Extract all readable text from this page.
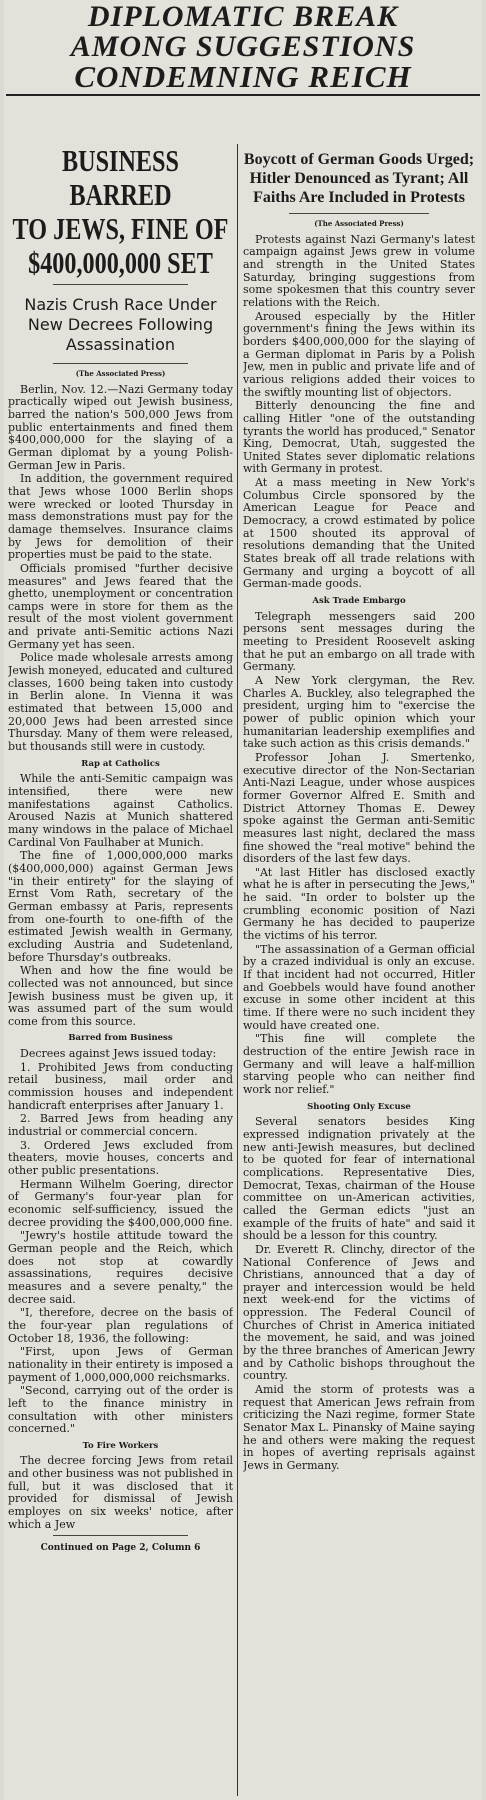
DIPLOMATIC BREAK
AMONG SUGGESTIONS
CONDEMNING REICH
BUSINESS BARRED
TO JEWS, FINE OF
$400,000,000 SET
Nazis Crush Race Under New Decrees Following Assassination
(The Associated Press)

Berlin, Nov. 12.—Nazi Germany today practically wiped out Jewish business, barred the nation's 500,000 Jews from public entertainments and fined them $400,000,000 for the slaying of a German diplomat by a young Polish-German Jew in Paris.

In addition, the government required that Jews whose 1000 Berlin shops were wrecked or looted Thursday in mass demonstrations must pay for the damage themselves. Insurance claims by Jews for demolition of their properties must be paid to the state.

Officials promised "further decisive measures" and Jews feared that the ghetto, unemployment or concentration camps were in store for them as the result of the most violent government and private anti-Semitic actions Nazi Germany yet has seen.

Police made wholesale arrests among Jewish moneyed, educated and cultured classes, 1600 being taken into custody in Berlin alone. In Vienna it was estimated that between 15,000 and 20,000 Jews had been arrested since Thursday. Many of them were released, but thousands still were in custody.

Rap at Catholics

While the anti-Semitic campaign was intensified, there were new manifestations against Catholics. Aroused Nazis at Munich shattered many windows in the palace of Michael Cardinal Von Faulhaber at Munich.

The fine of 1,000,000,000 marks ($400,000,000) against German Jews "in their entirety" for the slaying of Ernst Vom Rath, secretary of the German embassy at Paris, represents from one-fourth to one-fifth of the estimated Jewish wealth in Germany, excluding Austria and Sudetenland, before Thursday's outbreaks.

When and how the fine would be collected was not announced, but since Jewish business must be given up, it was assumed part of the sum would come from this source.

Barred from Business

Decrees against Jews issued today:

1. Prohibited Jews from conducting retail business, mail order and commission houses and independent handicraft enterprises after January 1.

2. Barred Jews from heading any industrial or commercial concern.

3. Ordered Jews excluded from theaters, movie houses, concerts and other public presentations.

Hermann Wilhelm Goering, director of Germany's four-year plan for economic self-sufficiency, issued the decree providing the $400,000,000 fine.

"Jewry's hostile attitude toward the German people and the Reich, which does not stop at cowardly assassinations, requires decisive measures and a severe penalty," the decree said.

"I, therefore, decree on the basis of the four-year plan regulations of October 18, 1936, the following:

"First, upon Jews of German nationality in their entirety is imposed a payment of 1,000,000,000 reichsmarks.

"Second, carrying out of the order is left to the finance ministry in consultation with other ministers concerned."

To Fire Workers

The decree forcing Jews from retail and other business was not published in full, but it was disclosed that it provided for dismissal of Jewish employes on six weeks' notice, after which a Jew

Continued on Page 2, Column 6
Boycott of German Goods Urged; Hitler Denounced as Tyrant; All Faiths Are Included in Protests
(The Associated Press)

Protests against Nazi Germany's latest campaign against Jews grew in volume and strength in the United States Saturday, bringing suggestions from some spokesmen that this country sever relations with the Reich.

Aroused especially by the Hitler government's fining the Jews within its borders $400,000,000 for the slaying of a German diplomat in Paris by a Polish Jew, men in public and private life and of various religions added their voices to the swiftly mounting list of objectors.

Bitterly denouncing the fine and calling Hitler "one of the outstanding tyrants the world has produced," Senator King, Democrat, Utah, suggested the United States sever diplomatic relations with Germany in protest.

At a mass meeting in New York's Columbus Circle sponsored by the American League for Peace and Democracy, a crowd estimated by police at 1500 shouted its approval of resolutions demanding that the United States break off all trade relations with Germany and urging a boycott of all German-made goods.

Ask Trade Embargo

Telegraph messengers said 200 persons sent messages during the meeting to President Roosevelt asking that he put an embargo on all trade with Germany.

A New York clergyman, the Rev. Charles A. Buckley, also telegraphed the president, urging him to "exercise the power of public opinion which your humanitarian leadership exemplifies and take such action as this crisis demands."

Professor Johan J. Smertenko, executive director of the Non-Sectarian Anti-Nazi League, under whose auspices former Governor Alfred E. Smith and District Attorney Thomas E. Dewey spoke against the German anti-Semitic measures last night, declared the mass fine showed the "real motive" behind the disorders of the last few days.

"At last Hitler has disclosed exactly what he is after in persecuting the Jews," he said. "In order to bolster up the crumbling economic position of Nazi Germany he has decided to pauperize the victims of his terror.

"The assassination of a German official by a crazed individual is only an excuse. If that incident had not occurred, Hitler and Goebbels would have found another excuse in some other incident at this time. If there were no such incident they would have created one.

"This fine will complete the destruction of the entire Jewish race in Germany and will leave a half-million starving people who can neither find work nor relief."

Shooting Only Excuse

Several senators besides King expressed indignation privately at the new anti-Jewish measures, but declined to be quoted for fear of international complications. Representative Dies, Democrat, Texas, chairman of the House committee on un-American activities, called the German edicts "just an example of the fruits of hate" and said it should be a lesson for this country.

Dr. Everett R. Clinchy, director of the National Conference of Jews and Christians, announced that a day of prayer and intercession would be held next week-end for the victims of oppression. The Federal Council of Churches of Christ in America initiated the movement, he said, and was joined by the three branches of American Jewry and by Catholic bishops throughout the country.

Amid the storm of protests was a request that American Jews refrain from criticizing the Nazi regime, former State Senator Max L. Pinansky of Maine saying he and others were making the request in hopes of averting reprisals against Jews in Germany.
